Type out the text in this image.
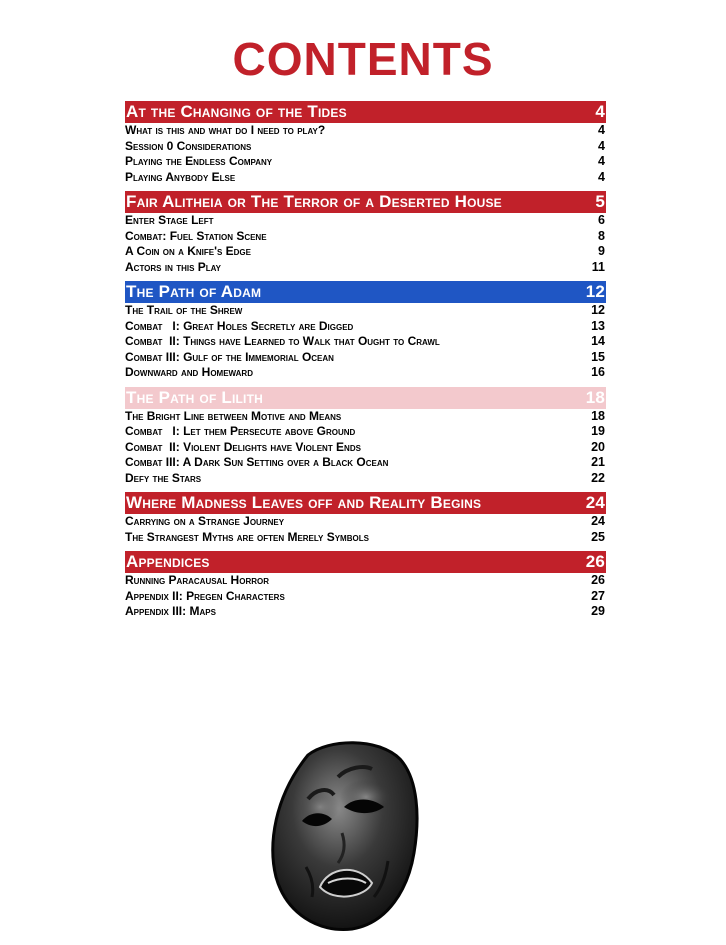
CONTENTS
At the Changing of the Tides	4
What is this and what do I need to play?	4
Session 0 Considerations	4
Playing the Endless Company	4
Playing Anybody Else	4
Fair Alitheia or The Terror of a Deserted House	5
Enter Stage Left	6
Combat: Fuel Station Scene	8
A Coin on a Knife's Edge	9
Actors in this Play	11
The Path of Adam	12
The Trail of the Shrew	12
Combat   I: Great Holes Secretly are Digged	13
Combat  II: Things have Learned to Walk that Ought to Crawl	14
Combat III: Gulf of the Immemorial Ocean	15
Downward and Homeward	16
The Path of Lilith	18
The Bright Line between Motive and Means	18
Combat   I: Let them Persecute above Ground	19
Combat  II: Violent Delights have Violent Ends	20
Combat III: A Dark Sun Setting over a Black Ocean	21
Defy the Stars	22
Where Madness Leaves off and Reality Begins	24
Carrying on a Strange Journey	24
The Strangest Myths are often Merely Symbols	25
Appendices	26
Running Paracausal Horror	26
Appendix II: Pregen Characters	27
Appendix III: Maps	29
